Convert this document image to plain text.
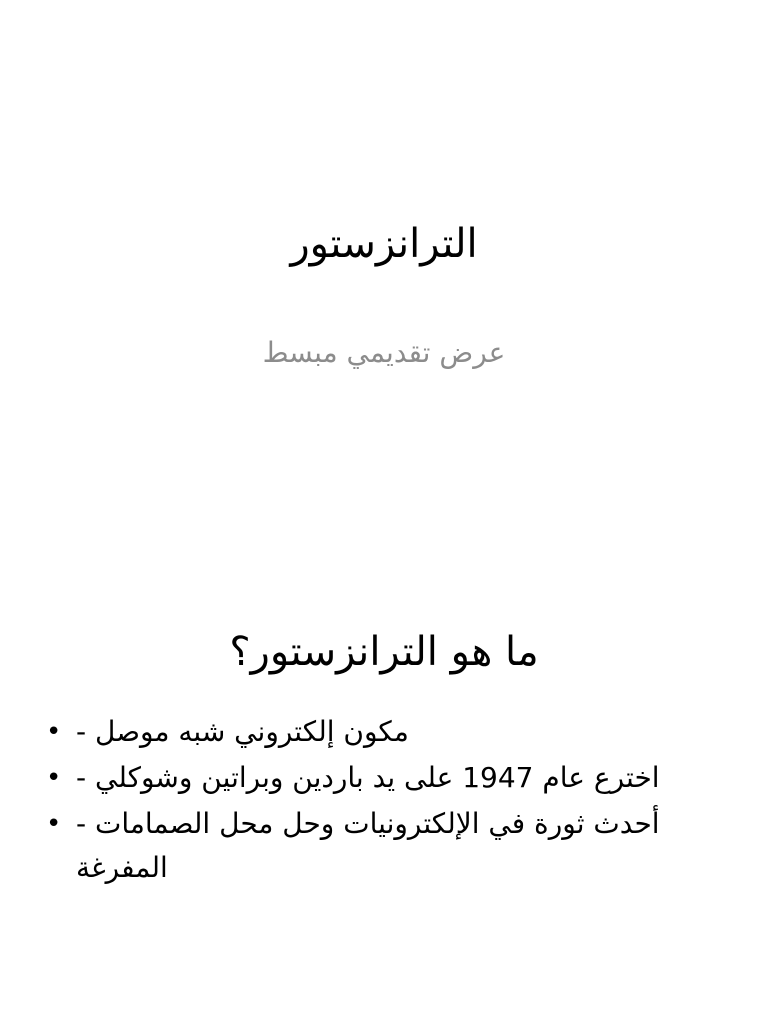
الترانزستور
عرض تقديمي مبسط
ما هو الترانزستور؟
• - مكون إلكتروني شبه موصل
• - اخترع عام 1947 على يد باردين وبراتين وشوكلي
• - أحدث ثورة في الإلكترونيات وحل محل الصمامات المفرغة
